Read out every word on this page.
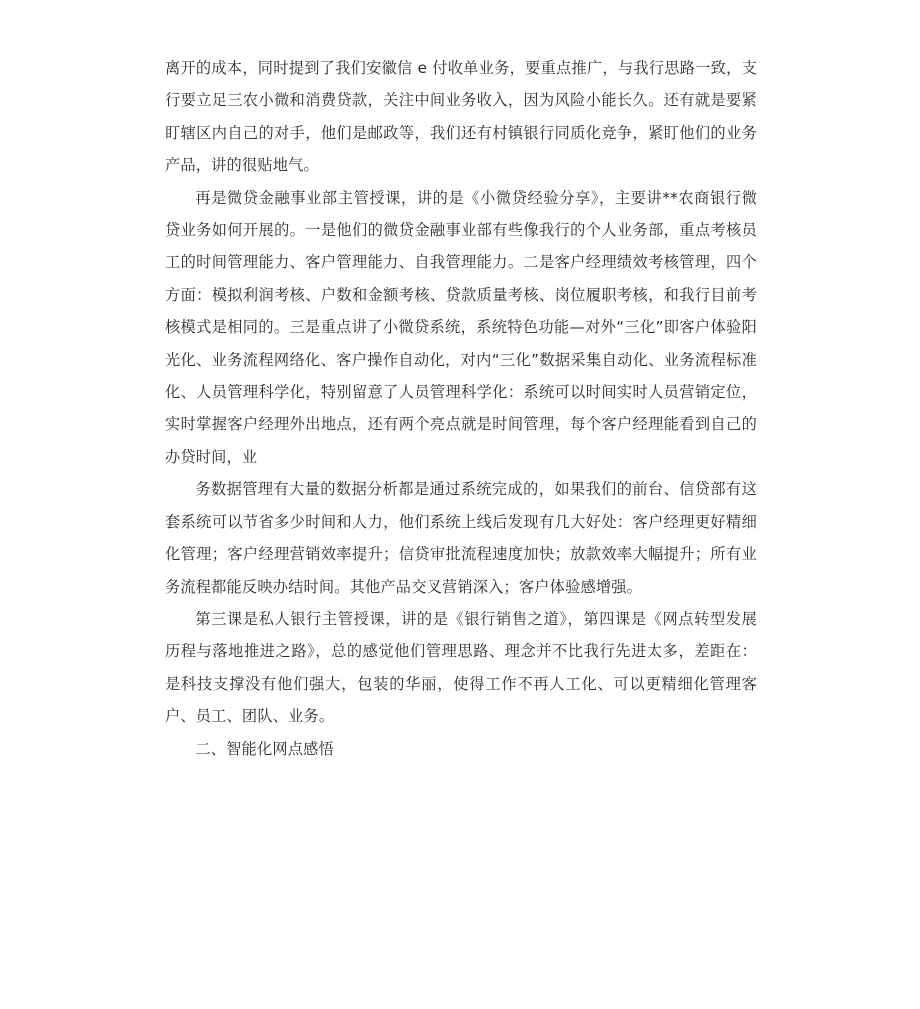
离开的成本，同时提到了我们安徽信 e 付收单业务，要重点推广，与我行思路一致，支行要立足三农小微和消费贷款，关注中间业务收入，因为风险小能长久。还有就是要紧盯辖区内自己的对手，他们是邮政等，我们还有村镇银行同质化竞争，紧盯他们的业务产品，讲的很贴地气。

再是微贷金融事业部主管授课，讲的是《小微贷经验分享》，主要讲**农商银行微贷业务如何开展的。一是他们的微贷金融事业部有些像我行的个人业务部，重点考核员工的时间管理能力、客户管理能力、自我管理能力。二是客户经理绩效考核管理，四个方面：模拟利润考核、户数和金额考核、贷款质量考核、岗位履职考核，和我行目前考核模式是相同的。三是重点讲了小微贷系统，系统特色功能—对外“三化”即客户体验阳光化、业务流程网络化、客户操作自动化，对内“三化”数据采集自动化、业务流程标准化、人员管理科学化，特别留意了人员管理科学化：系统可以时间实时人员营销定位，实时掌握客户经理外出地点，还有两个亮点就是时间管理，每个客户经理能看到自己的办贷时间，业

务数据管理有大量的数据分析都是通过系统完成的，如果我们的前台、信贷部有这套系统可以节省多少时间和人力，他们系统上线后发现有几大好处：客户经理更好精细化管理；客户经理营销效率提升；信贷审批流程速度加快；放款效率大幅提升；所有业务流程都能反映办结时间。其他产品交叉营销深入；客户体验感增强。

第三课是私人银行主管授课，讲的是《银行销售之道》，第四课是《网点转型发展历程与落地推进之路》，总的感觉他们管理思路、理念并不比我行先进太多，差距在：是科技支撑没有他们强大，包装的华丽，使得工作不再人工化、可以更精细化管理客户、员工、团队、业务。

二、智能化网点感悟
